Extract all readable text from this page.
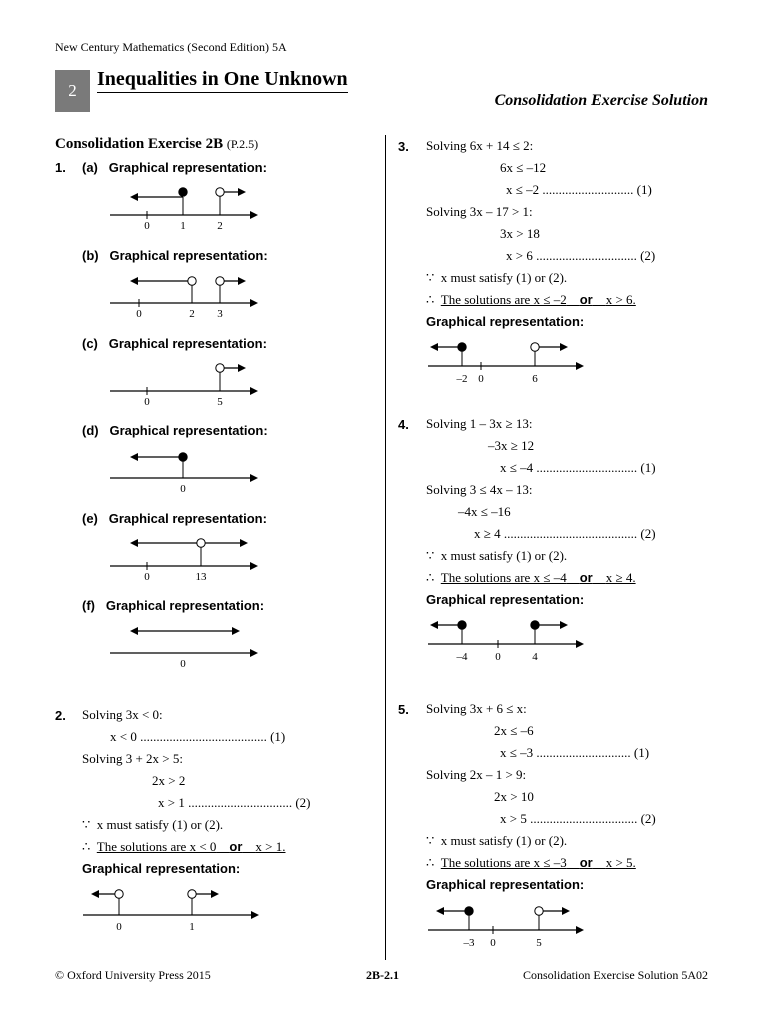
New Century Mathematics (Second Edition) 5A
2
Inequalities in One Unknown
Consolidation Exercise Solution
Consolidation Exercise 2B (P.2.5)
1. (a) Graphical representation:
0	1	2
(b) Graphical representation:
0	2 3
(c) Graphical representation:
0	5
(d) Graphical representation:
0
(e) Graphical representation:
0	13
(f) Graphical representation:
0
2. Solving 3x < 0:
x < 0 ....................................... (1)
Solving 3 + 2x > 5:
2x > 2
x > 1 ................................ (2)
∵ x must satisfy (1) or (2).
∴ The solutions are x < 0 or x > 1.
Graphical representation:
0	1
3. Solving 6x + 14 ≤ 2:
6x ≤ –12
x ≤ –2 ............................ (1)
Solving 3x – 17 > 1:
3x > 18
x > 6 ............................... (2)
∵ x must satisfy (1) or (2).
∴ The solutions are x ≤ –2 or x > 6.
Graphical representation:
–2 0	6
4. Solving 1 – 3x ≥ 13:
–3x ≥ 12
x ≤ –4 ............................... (1)
Solving 3 ≤ 4x – 13:
–4x ≤ –16
x ≥ 4 ......................................... (2)
∵ x must satisfy (1) or (2).
∴ The solutions are x ≤ –4 or x ≥ 4.
Graphical representation:
–4	0	4
5. Solving 3x + 6 ≤ x:
2x ≤ –6
x ≤ –3 ............................. (1)
Solving 2x – 1 > 9:
2x > 10
x > 5 ................................. (2)
∵ x must satisfy (1) or (2).
∴ The solutions are x ≤ –3 or x > 5.
Graphical representation:
–3 0	5
© Oxford University Press 2015	2B-2.1	Consolidation Exercise Solution 5A02
